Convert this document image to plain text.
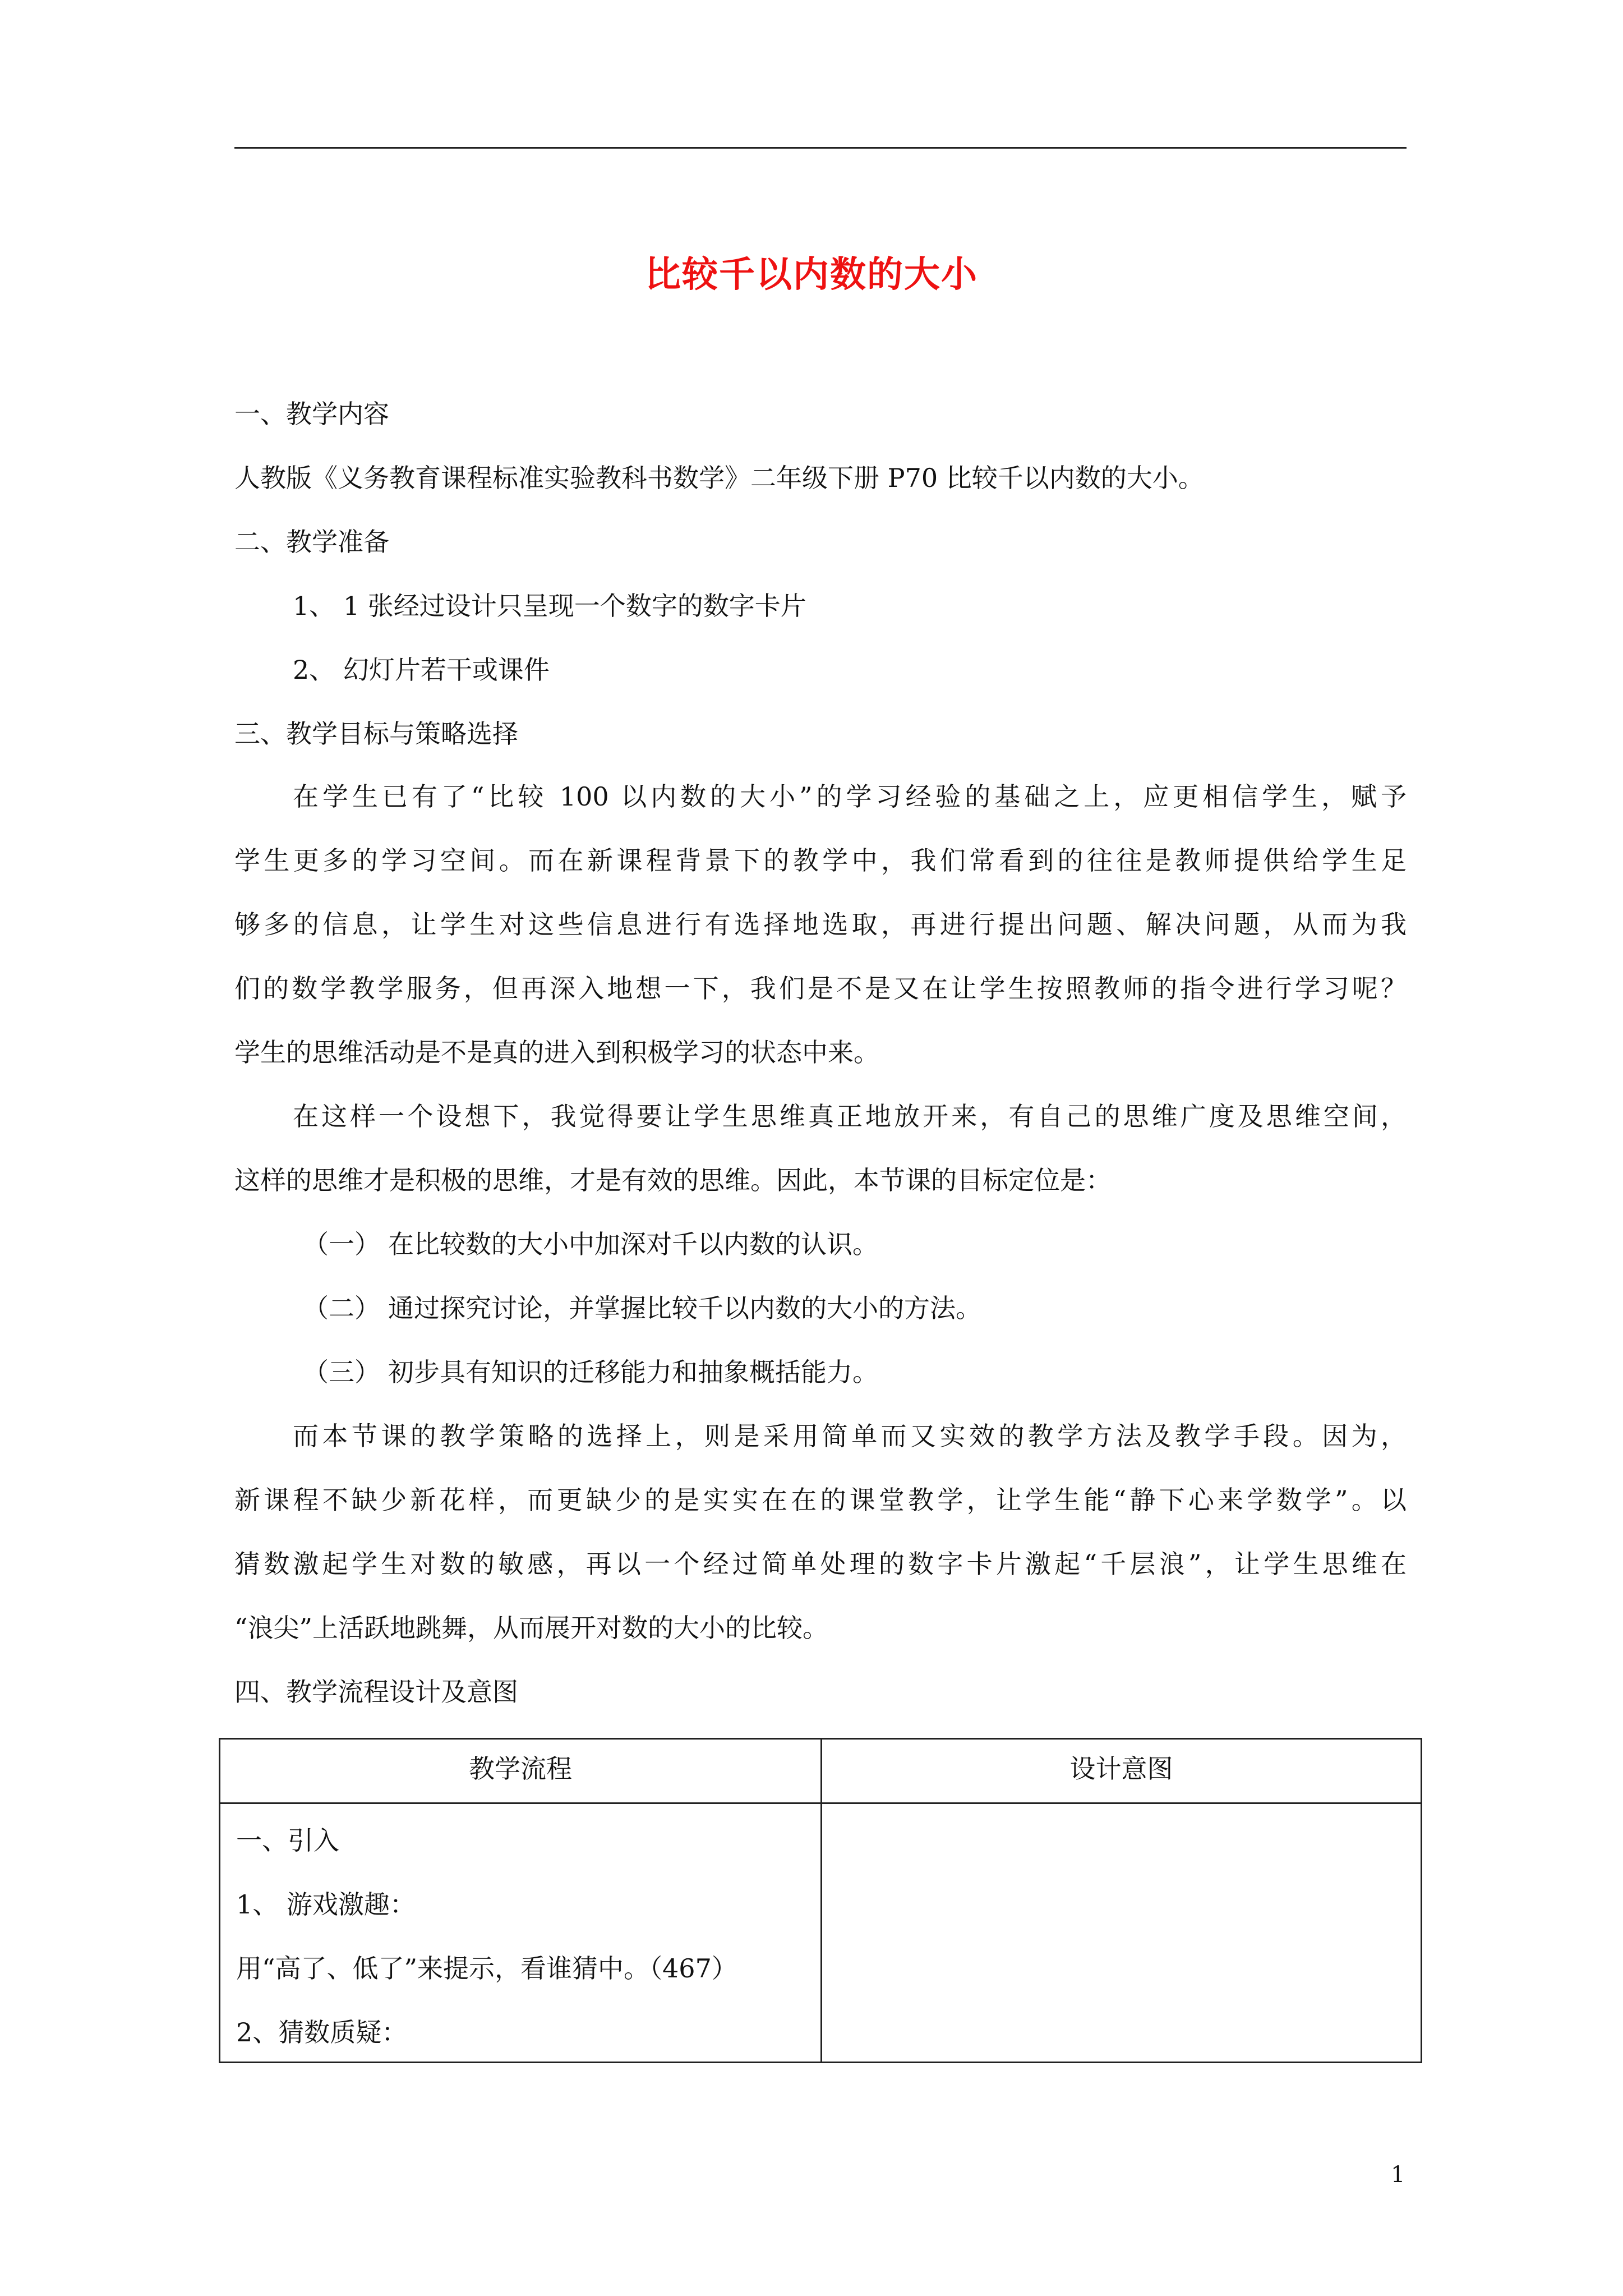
比较千以内数的大小
一、教学内容
人教版《义务教育课程标准实验教科书数学》二年级下册 P70 比较千以内数的大小。
二、教学准备
1、 1 张经过设计只呈现一个数字的数字卡片
2、 幻灯片若干或课件
三、教学目标与策略选择
在学生已有了“比较 100 以内数的大小”的学习经验的基础之上，应更相信学生，赋予
学生更多的学习空间。而在新课程背景下的教学中，我们常看到的往往是教师提供给学生足
够多的信息，让学生对这些信息进行有选择地选取，再进行提出问题、解决问题，从而为我
们的数学教学服务，但再深入地想一下，我们是不是又在让学生按照教师的指令进行学习呢？
学生的思维活动是不是真的进入到积极学习的状态中来。
在这样一个设想下，我觉得要让学生思维真正地放开来，有自己的思维广度及思维空间，
这样的思维才是积极的思维，才是有效的思维。因此，本节课的目标定位是：
（一） 在比较数的大小中加深对千以内数的认识。
（二） 通过探究讨论，并掌握比较千以内数的大小的方法。
（三） 初步具有知识的迁移能力和抽象概括能力。
而本节课的教学策略的选择上，则是采用简单而又实效的教学方法及教学手段。因为，
新课程不缺少新花样，而更缺少的是实实在在的课堂教学，让学生能“静下心来学数学”。以
猜数激起学生对数的敏感，再以一个经过简单处理的数字卡片激起“千层浪”，让学生思维在
“浪尖”上活跃地跳舞，从而展开对数的大小的比较。
四、教学流程设计及意图
教学流程	设计意图
一、引入
1、 游戏激趣：
用“高了、低了”来提示，看谁猜中。（467）
2、猜数质疑：
1
